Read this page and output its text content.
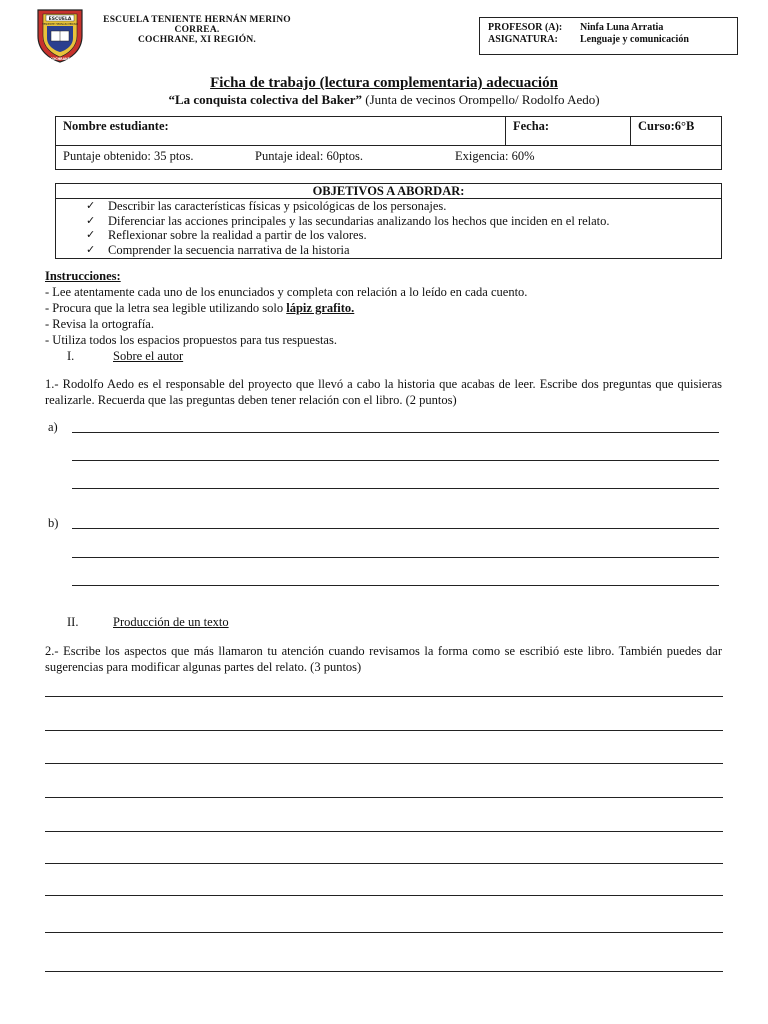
ESCUELA
TENIENTE HERNÁN MERINO
COCHRANE
ESCUELA TENIENTE HERNÁN MERINO
CORREA.
COCHRANE, XI REGIÓN.
PROFESOR (A): Ninfa Luna Arratia
ASIGNATURA: Lenguaje y comunicación
Ficha de trabajo (lectura complementaria) adecuación
“La conquista colectiva del Baker” (Junta de vecinos Orompello/ Rodolfo Aedo)
Nombre estudiante:	Fecha:	Curso:6°B
Puntaje obtenido: 35 ptos.	Puntaje ideal: 60ptos.	Exigencia: 60%
OBJETIVOS A ABORDAR:
✓ Describir las características físicas y psicológicas de los personajes.
✓ Diferenciar las acciones principales y las secundarias analizando los hechos que inciden en el relato.
✓ Reflexionar sobre la realidad a partir de los valores.
✓ Comprender la secuencia narrativa de la historia
Instrucciones:
- Lee atentamente cada uno de los enunciados y completa con relación a lo leído en cada cuento.
- Procura que la letra sea legible utilizando solo lápiz grafito.
- Revisa la ortografía.
- Utiliza todos los espacios propuestos para tus respuestas.
I.	Sobre el autor
1.- Rodolfo Aedo es el responsable del proyecto que llevó a cabo la historia que acabas de leer. Escribe dos preguntas que quisieras realizarle. Recuerda que las preguntas deben tener relación con el libro. (2 puntos)
a)
b)
II.	Producción de un texto
2.- Escribe los aspectos que más llamaron tu atención cuando revisamos la forma como se escribió este libro. También puedes dar sugerencias para modificar algunas partes del relato. (3 puntos)
